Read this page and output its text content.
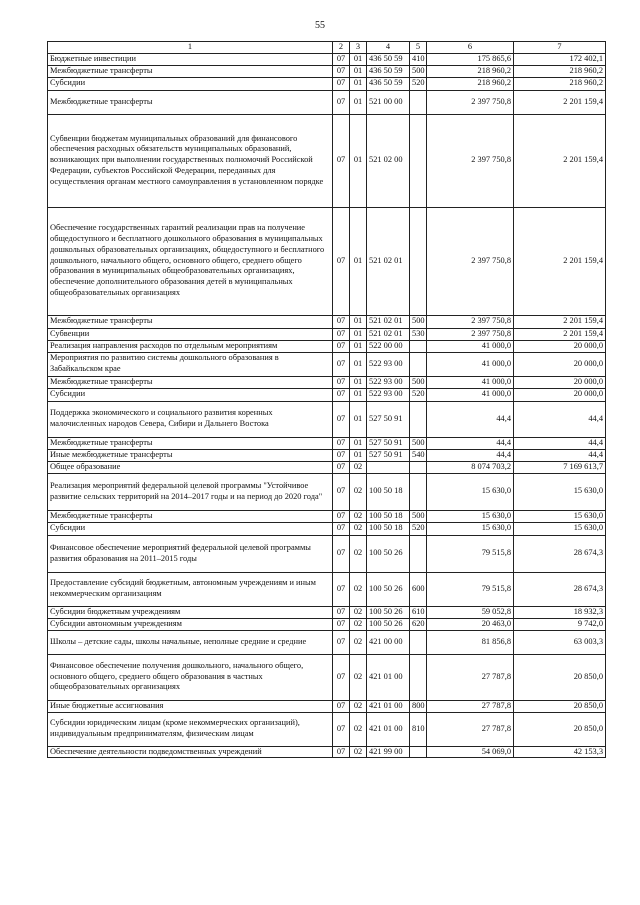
55
1	2	3	4	5	6	7
Бюджетные инвестиции	07	01	436 50 59	410	175 865,6	172 402,1
Межбюджетные трансферты	07	01	436 50 59	500	218 960,2	218 960,2
Субсидии	07	01	436 50 59	520	218 960,2	218 960,2
Межбюджетные трансферты	07	01	521 00 00		2 397 750,8	2 201 159,4
Субвенции бюджетам муниципальных образований для финансового обеспечения расходных обязательств муниципальных образований, возникающих при выполнении государственных полномочий Российской Федерации, субъектов Российской Федерации, переданных для осуществления органам местного самоуправления в установленном порядке	07	01	521 02 00		2 397 750,8	2 201 159,4
Обеспечение государственных гарантий реализации прав на получение общедоступного и бесплатного дошкольного образования в муниципальных дошкольных образовательных организациях, общедоступного и бесплатного дошкольного, начального общего, основного общего, среднего общего образования в муниципальных общеобразовательных организациях, обеспечение дополнительного образования детей в муниципальных общеобразовательных организациях	07	01	521 02 01		2 397 750,8	2 201 159,4
Межбюджетные трансферты	07	01	521 02 01	500	2 397 750,8	2 201 159,4
Субвенции	07	01	521 02 01	530	2 397 750,8	2 201 159,4
Реализация направления расходов по отдельным мероприятиям	07	01	522 00 00		41 000,0	20 000,0
Мероприятия по развитию системы дошкольного образования в Забайкальском крае	07	01	522 93 00		41 000,0	20 000,0
Межбюджетные трансферты	07	01	522 93 00	500	41 000,0	20 000,0
Субсидии	07	01	522 93 00	520	41 000,0	20 000,0
Поддержка экономического и социального развития коренных малочисленных народов Севера, Сибири и Дальнего Востока	07	01	527 50 91		44,4	44,4
Межбюджетные трансферты	07	01	527 50 91	500	44,4	44,4
Иные межбюджетные трансферты	07	01	527 50 91	540	44,4	44,4
Общее образование	07	02			8 074 703,2	7 169 613,7
Реализация мероприятий федеральной целевой программы "Устойчивое развитие сельских территорий на 2014–2017 годы и на период до 2020 года"	07	02	100 50 18		15 630,0	15 630,0
Межбюджетные трансферты	07	02	100 50 18	500	15 630,0	15 630,0
Субсидии	07	02	100 50 18	520	15 630,0	15 630,0
Финансовое обеспечение мероприятий федеральной целевой программы развития образования на 2011–2015 годы	07	02	100 50 26		79 515,8	28 674,3
Предоставление субсидий бюджетным, автономным учреждениям и иным некоммерческим организациям	07	02	100 50 26	600	79 515,8	28 674,3
Субсидии бюджетным учреждениям	07	02	100 50 26	610	59 052,8	18 932,3
Субсидии автономным учреждениям	07	02	100 50 26	620	20 463,0	9 742,0
Школы – детские сады, школы начальные, неполные средние и средние	07	02	421 00 00		81 856,8	63 003,3
Финансовое обеспечение получения дошкольного, начального общего, основного общего, среднего общего образования в частных общеобразовательных организациях	07	02	421 01 00		27 787,8	20 850,0
Иные бюджетные ассигнования	07	02	421 01 00	800	27 787,8	20 850,0
Субсидии юридическим лицам (кроме некоммерческих организаций), индивидуальным предпринимателям, физическим лицам	07	02	421 01 00	810	27 787,8	20 850,0
Обеспечение деятельности подведомственных учреждений	07	02	421 99 00		54 069,0	42 153,3
